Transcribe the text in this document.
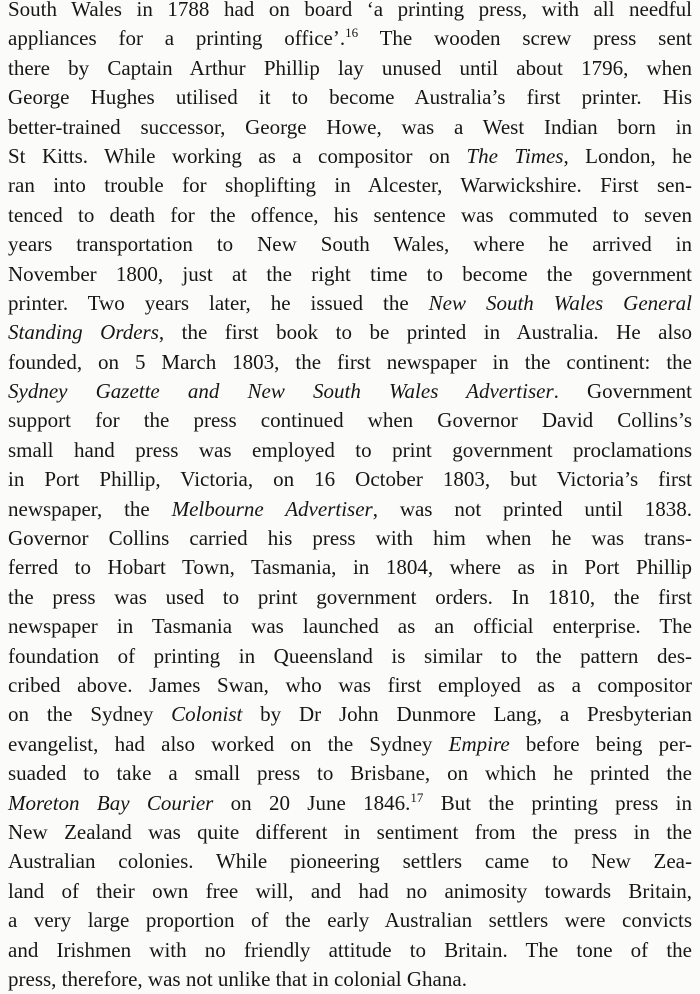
South Wales in 1788 had on board ‘a printing press, with all needful
appliances for a printing office’.$^{16}$ The wooden screw press sent
there by Captain Arthur Phillip lay unused until about 1796, when
George Hughes utilised it to become Australia’s first printer. His
better-trained successor, George Howe, was a West Indian born in
St Kitts. While working as a compositor on The Times, London, he
ran into trouble for shoplifting in Alcester, Warwickshire. First sen-
tenced to death for the offence, his sentence was commuted to seven
years transportation to New South Wales, where he arrived in
November 1800, just at the right time to become the government
printer. Two years later, he issued the New South Wales General
Standing Orders, the first book to be printed in Australia. He also
founded, on 5 March 1803, the first newspaper in the continent: the
Sydney Gazette and New South Wales Advertiser. Government
support for the press continued when Governor David Collins’s
small hand press was employed to print government proclamations
in Port Phillip, Victoria, on 16 October 1803, but Victoria’s first
newspaper, the Melbourne Advertiser, was not printed until 1838.
Governor Collins carried his press with him when he was trans-
ferred to Hobart Town, Tasmania, in 1804, where as in Port Phillip
the press was used to print government orders. In 1810, the first
newspaper in Tasmania was launched as an official enterprise. The
foundation of printing in Queensland is similar to the pattern des-
cribed above. James Swan, who was first employed as a compositor
on the Sydney Colonist by Dr John Dunmore Lang, a Presbyterian
evangelist, had also worked on the Sydney Empire before being per-
suaded to take a small press to Brisbane, on which he printed the
Moreton Bay Courier on 20 June 1846.17 But the printing press in
New Zealand was quite different in sentiment from the press in the
Australian colonies. While pioneering settlers came to New Zea-
land of their own free will, and had no animosity towards Britain,
a very large proportion of the early Australian settlers were convicts
and Irishmen with no friendly attitude to Britain. The tone of the
press, therefore, was not unlike that in colonial Ghana.
